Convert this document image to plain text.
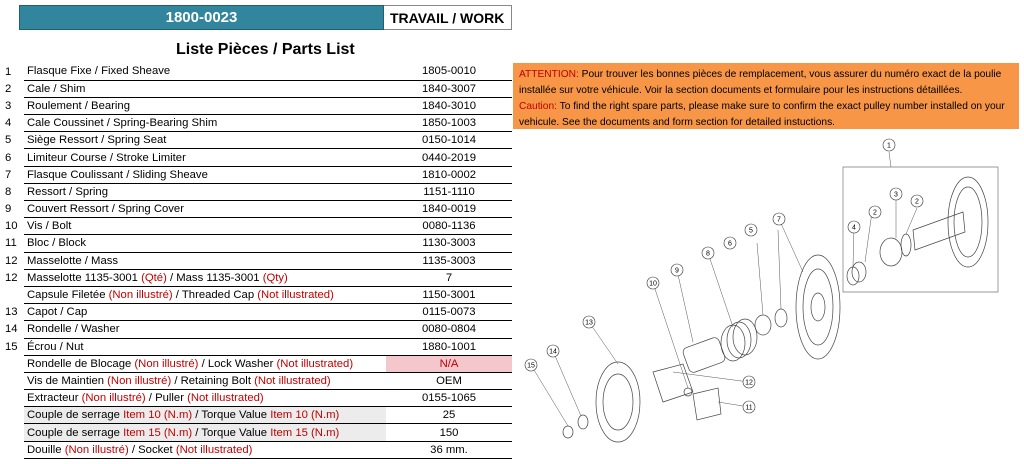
1800-0023	TRAVAIL / WORK
Liste Pièces / Parts List
1	Flasque Fixe / Fixed Sheave	1805-0010
2	Cale / Shim	1840-3007
3	Roulement / Bearing	1840-3010
4	Cale Coussinet / Spring-Bearing Shim	1850-1003
5	Siège Ressort / Spring Seat	0150-1014
6	Limiteur Course / Stroke Limiter	0440-2019
7	Flasque Coulissant / Sliding Sheave	1810-0002
8	Ressort / Spring	1151-1110
9	Couvert Ressort / Spring Cover	1840-0019
10	Vis / Bolt	0080-1136
11	Bloc / Block	1130-3003
12	Masselotte / Mass	1135-3003
12	Masselotte 1135-3001 (Qté) / Mass 1135-3001 (Qty)	7
	Capsule Filetée (Non illustré) / Threaded Cap (Not illustrated)	1150-3001
13	Capot / Cap	0115-0073
14	Rondelle / Washer	0080-0804
15	Écrou / Nut	1880-1001
	Rondelle de Blocage (Non illustré) / Lock Washer (Not illustrated)	N/A
	Vis de Maintien (Non illustré) / Retaining Bolt (Not illustrated)	OEM
	Extracteur (Non illustré) / Puller (Not illustrated)	0155-1065
	Couple de serrage Item 10 (N.m) / Torque Value Item 10 (N.m)	25
	Couple de serrage Item 15 (N.m) / Torque Value Item 15 (N.m)	150
	Douille (Non illustré) / Socket (Not illustrated)	36 mm.
ATTENTION: Pour trouver les bonnes pièces de remplacement, vous assurer du numéro exact de la poulie installée sur votre véhicule. Voir la section documents et formulaire pour les instructions détaillées.
Caution: To find the right spare parts, please make sure to confirm the exact pulley number installed on your vehicule. See the documents and form section for detailed instuctions.
1
2
2
3
4
5
6
7
8
9
10
11
12
13
14
15
